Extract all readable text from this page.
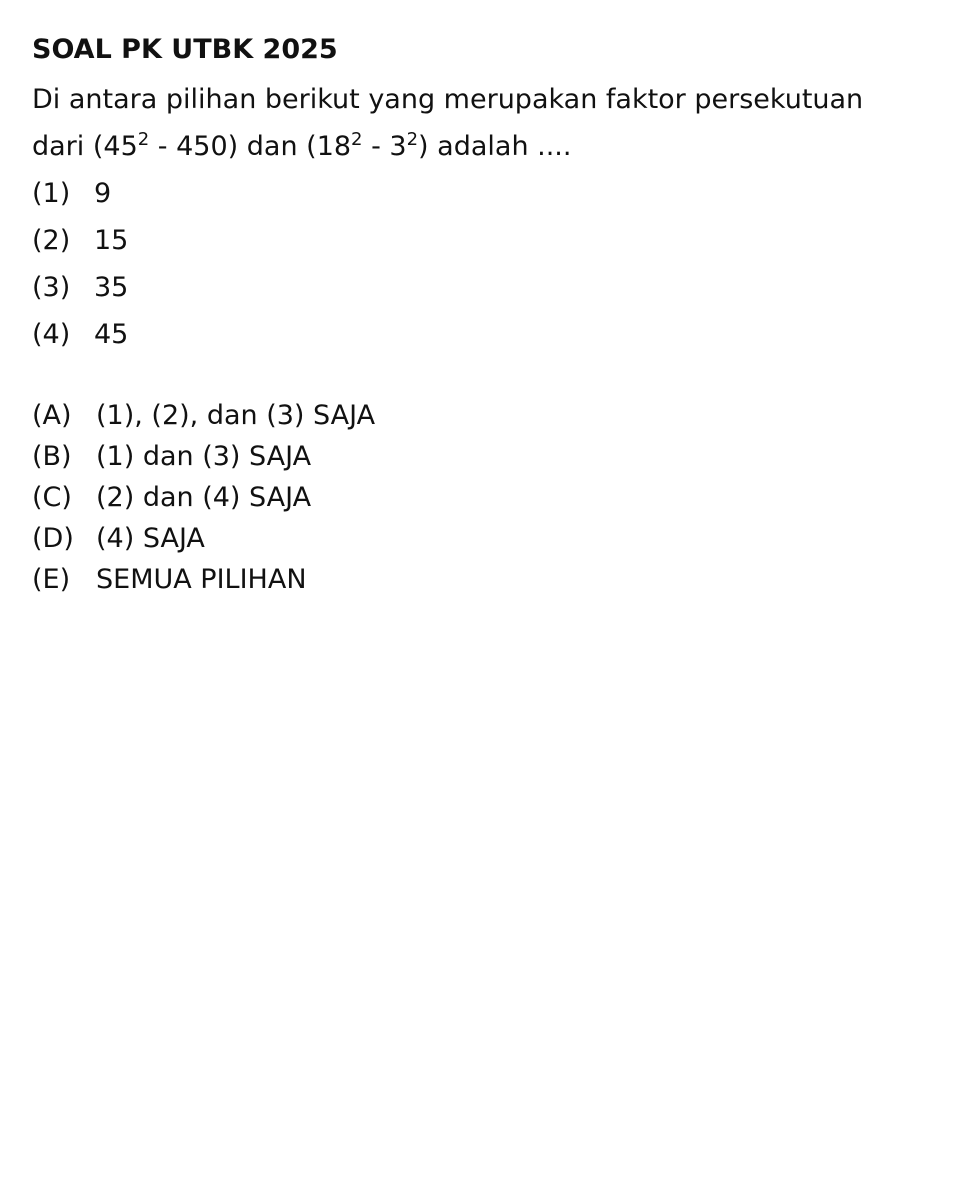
SOAL PK UTBK 2025
Di antara pilihan berikut yang merupakan faktor persekutuan
dari $(45^2 - 450)$ dan $(18^2 - 3^2)$ adalah ....
(1) 9
(2) 15
(3) 35
(4) 45
(A) (1), (2), dan (3) SAJA
(B) (1) dan (3) SAJA
(C) (2) dan (4) SAJA
(D) (4) SAJA
(E) SEMUA PILIHAN
